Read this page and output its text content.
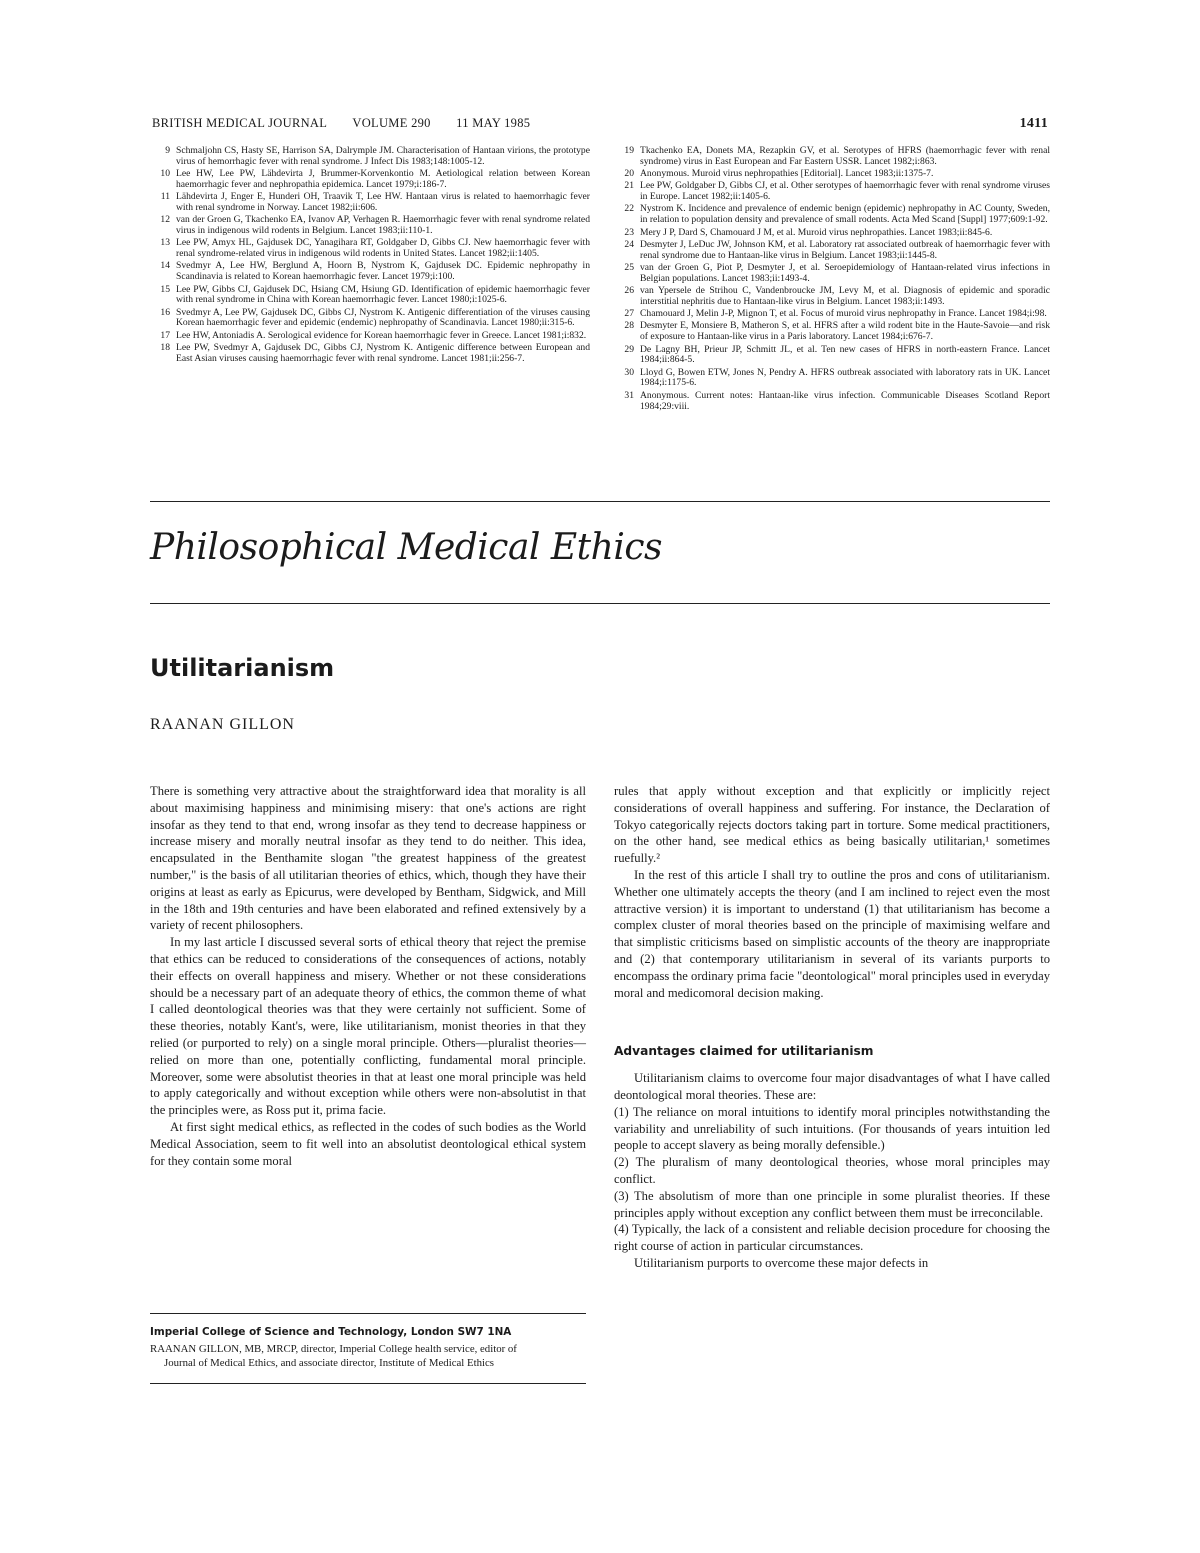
BRITISH MEDICAL JOURNAL VOLUME 290 11 MAY 1985	1411
9 Schmaljohn CS, Hasty SE, Harrison SA, Dalrymple JM. Characterisation of Hantaan virions, the prototype virus of hemorrhagic fever with renal syndrome. J Infect Dis 1983;148:1005-12.
10 Lee HW, Lee PW, Lähdevirta J, Brummer-Korvenkontio M. Aetiological relation between Korean haemorrhagic fever and nephropathia epidemica. Lancet 1979;i:186-7.
11 Lähdevirta J, Enger E, Hunderi OH, Traavik T, Lee HW. Hantaan virus is related to haemorrhagic fever with renal syndrome in Norway. Lancet 1982;ii:606.
12 van der Groen G, Tkachenko EA, Ivanov AP, Verhagen R. Haemorrhagic fever with renal syndrome related virus in indigenous wild rodents in Belgium. Lancet 1983;ii:110-1.
13 Lee PW, Amyx HL, Gajdusek DC, Yanagihara RT, Goldgaber D, Gibbs CJ. New haemorrhagic fever with renal syndrome-related virus in indigenous wild rodents in United States. Lancet 1982;ii:1405.
14 Svedmyr A, Lee HW, Berglund A, Hoorn B, Nystrom K, Gajdusek DC. Epidemic nephropathy in Scandinavia is related to Korean haemorrhagic fever. Lancet 1979;i:100.
15 Lee PW, Gibbs CJ, Gajdusek DC, Hsiang CM, Hsiung GD. Identification of epidemic haemorrhagic fever with renal syndrome in China with Korean haemorrhagic fever. Lancet 1980;i:1025-6.
16 Svedmyr A, Lee PW, Gajdusek DC, Gibbs CJ, Nystrom K. Antigenic differentiation of the viruses causing Korean haemorrhagic fever and epidemic (endemic) nephropathy of Scandinavia. Lancet 1980;ii:315-6.
17 Lee HW, Antoniadis A. Serological evidence for Korean haemorrhagic fever in Greece. Lancet 1981;i:832.
18 Lee PW, Svedmyr A, Gajdusek DC, Gibbs CJ, Nystrom K. Antigenic difference between European and East Asian viruses causing haemorrhagic fever with renal syndrome. Lancet 1981;ii:256-7.
19 Tkachenko EA, Donets MA, Rezapkin GV, et al. Serotypes of HFRS (haemorrhagic fever with renal syndrome) virus in East European and Far Eastern USSR. Lancet 1982;i:863.
20 Anonymous. Muroid virus nephropathies [Editorial]. Lancet 1983;ii:1375-7.
21 Lee PW, Goldgaber D, Gibbs CJ, et al. Other serotypes of haemorrhagic fever with renal syndrome viruses in Europe. Lancet 1982;ii:1405-6.
22 Nystrom K. Incidence and prevalence of endemic benign (epidemic) nephropathy in AC County, Sweden, in relation to population density and prevalence of small rodents. Acta Med Scand [Suppl] 1977;609:1-92.
23 Mery J P, Dard S, Chamouard J M, et al. Muroid virus nephropathies. Lancet 1983;ii:845-6.
24 Desmyter J, LeDuc JW, Johnson KM, et al. Laboratory rat associated outbreak of haemorrhagic fever with renal syndrome due to Hantaan-like virus in Belgium. Lancet 1983;ii:1445-8.
25 van der Groen G, Piot P, Desmyter J, et al. Seroepidemiology of Hantaan-related virus infections in Belgian populations. Lancet 1983;ii:1493-4.
26 van Ypersele de Strihou C, Vandenbroucke JM, Levy M, et al. Diagnosis of epidemic and sporadic interstitial nephritis due to Hantaan-like virus in Belgium. Lancet 1983;ii:1493.
27 Chamouard J, Melin J-P, Mignon T, et al. Focus of muroid virus nephropathy in France. Lancet 1984;i:98.
28 Desmyter E, Monsiere B, Matheron S, et al. HFRS after a wild rodent bite in the Haute-Savoie—and risk of exposure to Hantaan-like virus in a Paris laboratory. Lancet 1984;i:676-7.
29 De Lagny BH, Prieur JP, Schmitt JL, et al. Ten new cases of HFRS in north-eastern France. Lancet 1984;ii:864-5.
30 Lloyd G, Bowen ETW, Jones N, Pendry A. HFRS outbreak associated with laboratory rats in UK. Lancet 1984;i:1175-6.
31 Anonymous. Current notes: Hantaan-like virus infection. Communicable Diseases Scotland Report 1984;29:viii.
Philosophical Medical Ethics
Utilitarianism
RAANAN GILLON

There is something very attractive about the straightforward idea that morality is all about maximising happiness and minimising misery: that one's actions are right insofar as they tend to that end, wrong insofar as they tend to decrease happiness or increase misery and morally neutral insofar as they tend to do neither. This idea, encapsulated in the Benthamite slogan "the greatest happiness of the greatest number," is the basis of all utilitarian theories of ethics, which, though they have their origins at least as early as Epicurus, were developed by Bentham, Sidgwick, and Mill in the 18th and 19th centuries and have been elaborated and refined extensively by a variety of recent philosophers.

In my last article I discussed several sorts of ethical theory that reject the premise that ethics can be reduced to considerations of the consequences of actions, notably their effects on overall happiness and misery. Whether or not these considerations should be a necessary part of an adequate theory of ethics, the common theme of what I called deontological theories was that they were certainly not sufficient. Some of these theories, notably Kant's, were, like utilitarianism, monist theories in that they relied (or purported to rely) on a single moral principle. Others—pluralist theories—relied on more than one, potentially conflicting, fundamental moral principle. Moreover, some were absolutist theories in that at least one moral principle was held to apply categorically and without exception while others were non-absolutist in that the principles were, as Ross put it, prima facie.

At first sight medical ethics, as reflected in the codes of such bodies as the World Medical Association, seem to fit well into an absolutist deontological ethical system for they contain some moral

rules that apply without exception and that explicitly or implicitly reject considerations of overall happiness and suffering. For instance, the Declaration of Tokyo categorically rejects doctors taking part in torture. Some medical practitioners, on the other hand, see medical ethics as being basically utilitarian,¹ sometimes ruefully.²

In the rest of this article I shall try to outline the pros and cons of utilitarianism. Whether one ultimately accepts the theory (and I am inclined to reject even the most attractive version) it is important to understand (1) that utilitarianism has become a complex cluster of moral theories based on the principle of maximising welfare and that simplistic criticisms based on simplistic accounts of the theory are inappropriate and (2) that contemporary utilitarianism in several of its variants purports to encompass the ordinary prima facie "deontological" moral principles used in everyday moral and medicomoral decision making.

Advantages claimed for utilitarianism

Utilitarianism claims to overcome four major disadvantages of what I have called deontological moral theories. These are:

(1) The reliance on moral intuitions to identify moral principles notwithstanding the variability and unreliability of such intuitions. (For thousands of years intuition led people to accept slavery as being morally defensible.)

(2) The pluralism of many deontological theories, whose moral principles may conflict.

(3) The absolutism of more than one principle in some pluralist theories. If these principles apply without exception any conflict between them must be irreconcilable.

(4) Typically, the lack of a consistent and reliable decision procedure for choosing the right course of action in particular circumstances.

Utilitarianism purports to overcome these major defects in

Imperial College of Science and Technology, London SW7 1NA
RAANAN GILLON, MB, MRCP, director, Imperial College health service, editor of
Journal of Medical Ethics, and associate director, Institute of Medical Ethics
